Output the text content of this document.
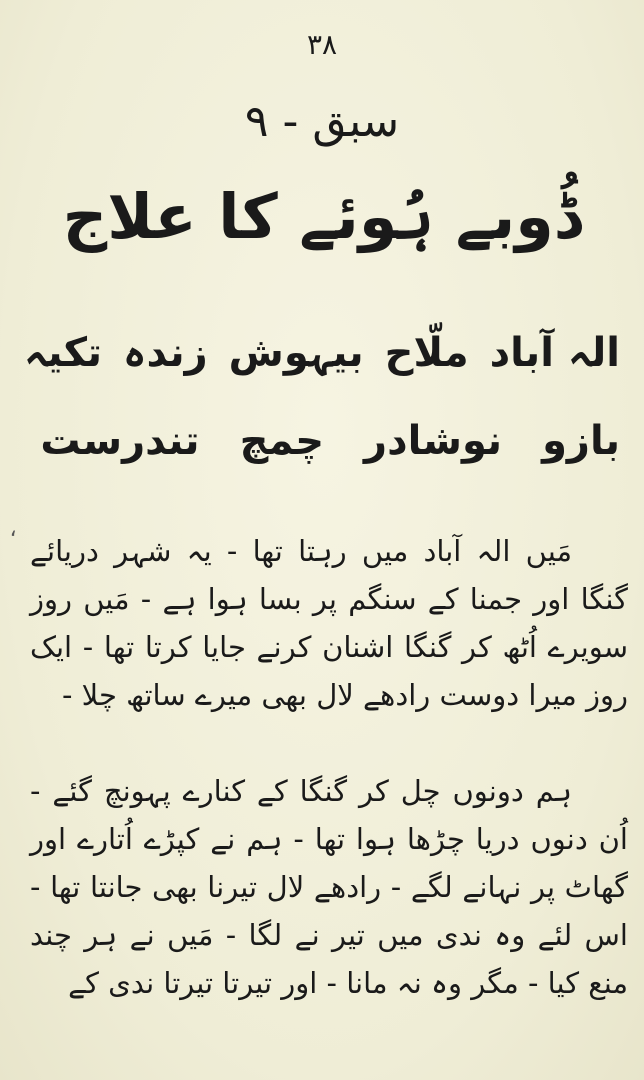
۳۸
سبق - ۹
ڈُوبے ہُوئے کا علاج
الہ آباد
ملّاح
بیہوش
زندہ
تکیہ
بازو
نوشادر
چمچ
تندرست
‘ مَیں الہ آباد میں رہتا تھا - یہ شہر دریائے گنگا اور جمنا کے سنگم پر بسا ہوا ہے - مَیں روز سویرے اُٹھ کر گنگا اشنان کرنے جایا کرتا تھا - ایک روز میرا دوست رادھے لال بھی میرے ساتھ چلا -

ہم دونوں چل کر گنگا کے کنارے پہونچ گئے - اُن دنوں دریا چڑھا ہوا تھا - ہم نے کپڑے اُتارے اور گھاٹ پر نہانے لگے - رادھے لال تیرنا بھی جانتا تھا - اس لئے وہ ندی میں تیر نے لگا - مَیں نے ہر چند منع کیا - مگر وہ نہ مانا - اور تیرتا تیرتا ندی کے
